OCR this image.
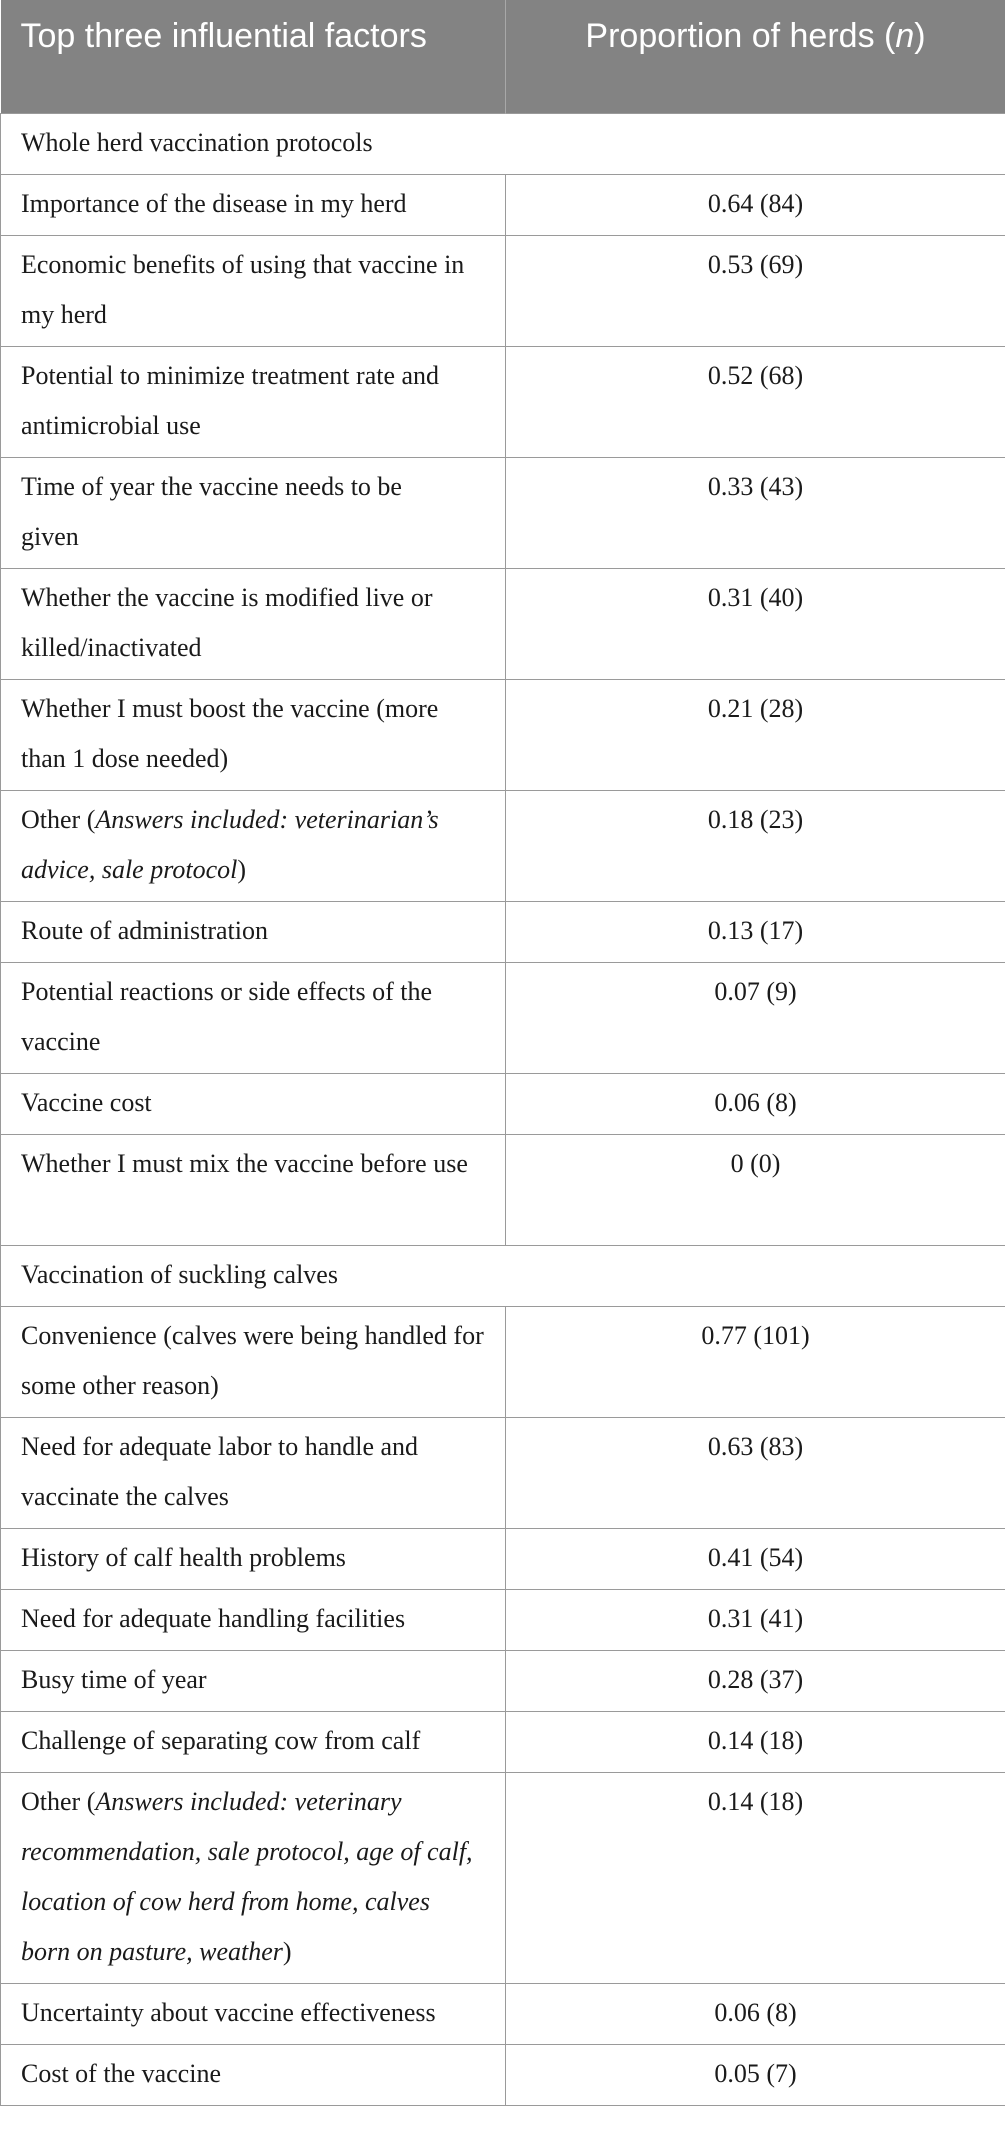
Top three influential factors	Proportion of herds (n)
Whole herd vaccination protocols	
Importance of the disease in my herd	0.64 (84)
Economic benefits of using that vaccine in my herd	0.53 (69)
Potential to minimize treatment rate and antimicrobial use	0.52 (68)
Time of year the vaccine needs to be given	0.33 (43)
Whether the vaccine is modified live or killed/inactivated	0.31 (40)
Whether I must boost the vaccine (more than 1 dose needed)	0.21 (28)
Other (Answers included: veterinarian’s advice, sale protocol)	0.18 (23)
Route of administration	0.13 (17)
Potential reactions or side effects of the vaccine	0.07 (9)
Vaccine cost	0.06 (8)
Whether I must mix the vaccine before use	0 (0)
Vaccination of suckling calves	
Convenience (calves were being handled for some other reason)	0.77 (101)
Need for adequate labor to handle and vaccinate the calves	0.63 (83)
History of calf health problems	0.41 (54)
Need for adequate handling facilities	0.31 (41)
Busy time of year	0.28 (37)
Challenge of separating cow from calf	0.14 (18)
Other (Answers included: veterinary recommendation, sale protocol, age of calf, location of cow herd from home, calves born on pasture, weather)	0.14 (18)
Uncertainty about vaccine effectiveness	0.06 (8)
Cost of the vaccine	0.05 (7)
